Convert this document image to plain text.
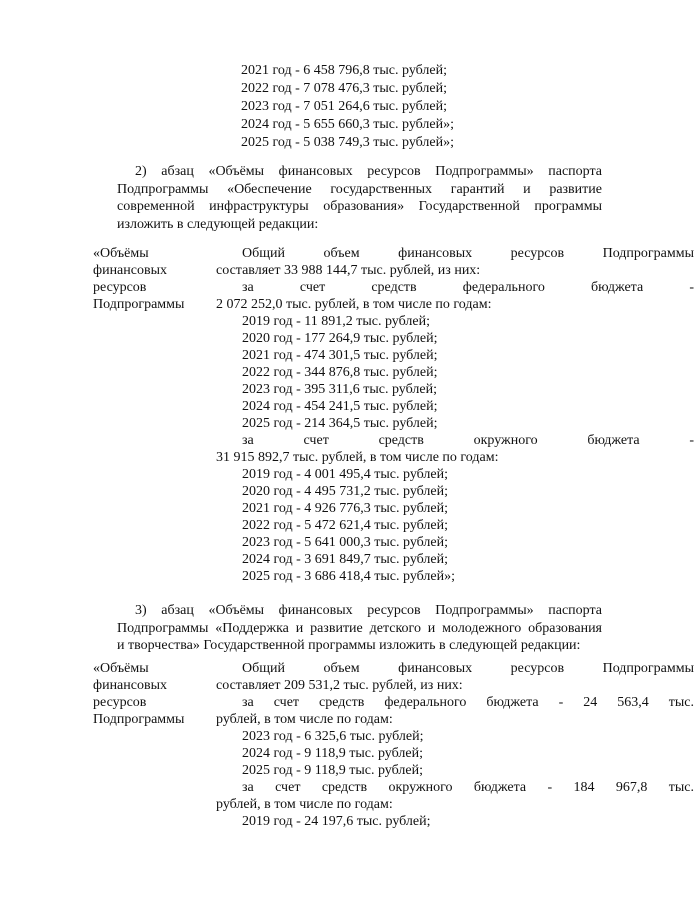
2021 год - 6 458 796,8 тыс. рублей;
2022 год - 7 078 476,3 тыс. рублей;
2023 год - 7 051 264,6 тыс. рублей;
2024 год - 5 655 660,3 тыс. рублей»;
2025 год - 5 038 749,3 тыс. рублей»;
2) абзац «Объёмы финансовых ресурсов Подпрограммы» паспорта
Подпрограммы «Обеспечение государственных гарантий и развитие
современной инфраструктуры образования» Государственной программы
изложить в следующей редакции:
«Объёмы
финансовых
ресурсов
Подпрограммы
Общий объем финансовых ресурсов Подпрограммы
составляет 33 988 144,7 тыс. рублей, из них:
за счет средств федерального бюджета -
2 072 252,0 тыс. рублей, в том числе по годам:
2019 год - 11 891,2 тыс. рублей;
2020 год - 177 264,9 тыс. рублей;
2021 год - 474 301,5 тыс. рублей;
2022 год - 344 876,8 тыс. рублей;
2023 год - 395 311,6 тыс. рублей;
2024 год - 454 241,5 тыс. рублей;
2025 год - 214 364,5 тыс. рублей;
за счет средств окружного бюджета -
31 915 892,7 тыс. рублей, в том числе по годам:
2019 год - 4 001 495,4 тыс. рублей;
2020 год - 4 495 731,2 тыс. рублей;
2021 год - 4 926 776,3 тыс. рублей;
2022 год - 5 472 621,4 тыс. рублей;
2023 год - 5 641 000,3 тыс. рублей;
2024 год - 3 691 849,7 тыс. рублей;
2025 год - 3 686 418,4 тыс. рублей»;
3) абзац «Объёмы финансовых ресурсов Подпрограммы» паспорта
Подпрограммы «Поддержка и развитие детского и молодежного образования
и творчества» Государственной программы изложить в следующей редакции:
«Объёмы
финансовых
ресурсов
Подпрограммы
Общий объем финансовых ресурсов Подпрограммы
составляет 209 531,2 тыс. рублей, из них:
за счет средств федерального бюджета - 24 563,4 тыс.
рублей, в том числе по годам:
2023 год - 6 325,6 тыс. рублей;
2024 год - 9 118,9 тыс. рублей;
2025 год - 9 118,9 тыс. рублей;
за счет средств окружного бюджета - 184 967,8 тыс.
рублей, в том числе по годам:
2019 год - 24 197,6 тыс. рублей;
